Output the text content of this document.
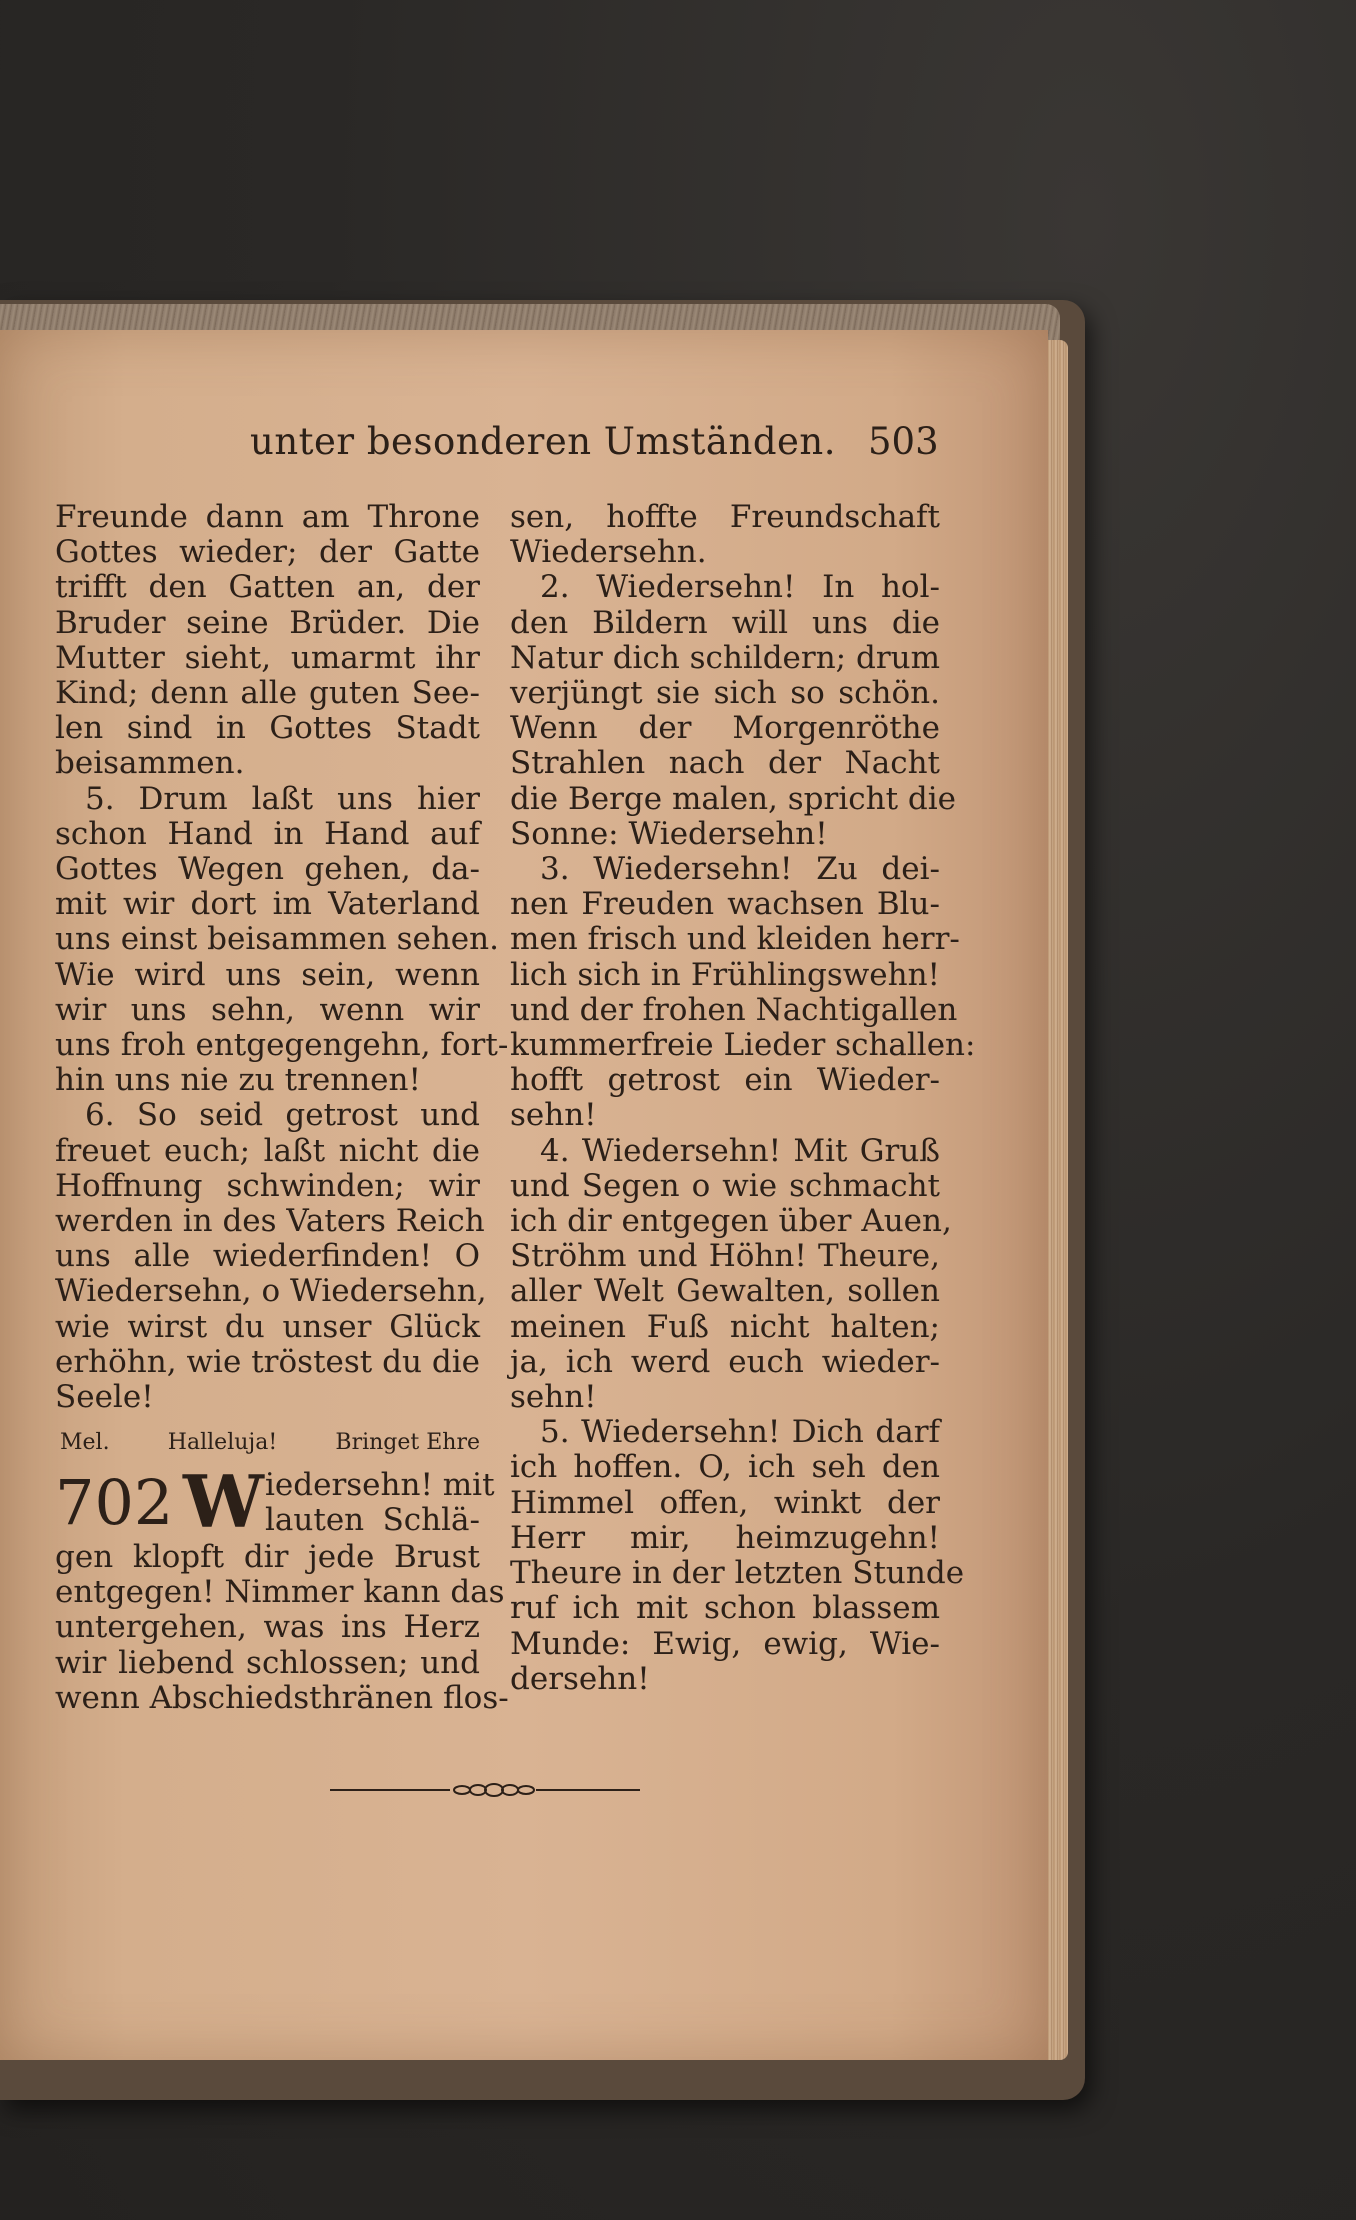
unter besonderen Umständen. 503
Freunde dann am Throne
Gottes wieder; der Gatte
trifft den Gatten an, der
Bruder seine Brüder. Die
Mutter sieht, umarmt ihr
Kind; denn alle guten See-
len sind in Gottes Stadt
beisammen.
5. Drum laßt uns hier
schon Hand in Hand auf
Gottes Wegen gehen, da-
mit wir dort im Vaterland
uns einst beisammen sehen.
Wie wird uns sein, wenn
wir uns sehn, wenn wir
uns froh entgegengehn, fort-
hin uns nie zu trennen!
6. So seid getrost und
freuet euch; laßt nicht die
Hoffnung schwinden; wir
werden in des Vaters Reich
uns alle wiederfinden! O
Wiedersehn, o Wiedersehn,
wie wirst du unser Glück
erhöhn, wie tröstest du die
Seele!
Mel.	Halleluja!	Bringet Ehre
702 W iedersehn! mit
lauten Schlä-
gen klopft dir jede Brust
entgegen! Nimmer kann das
untergehen, was ins Herz
wir liebend schlossen; und
wenn Abschiedsthränen flos-
sen, hoffte Freundschaft
Wiedersehn.
2. Wiedersehn! In hol-
den Bildern will uns die
Natur dich schildern; drum
verjüngt sie sich so schön.
Wenn der Morgenröthe
Strahlen nach der Nacht
die Berge malen, spricht die
Sonne: Wiedersehn!
3. Wiedersehn! Zu dei-
nen Freuden wachsen Blu-
men frisch und kleiden herr-
lich sich in Frühlingswehn!
und der frohen Nachtigallen
kummerfreie Lieder schallen:
hofft getrost ein Wieder-
sehn!
4. Wiedersehn! Mit Gruß
und Segen o wie schmacht
ich dir entgegen über Auen,
Ströhm und Höhn! Theure,
aller Welt Gewalten, sollen
meinen Fuß nicht halten;
ja, ich werd euch wieder-
sehn!
5. Wiedersehn! Dich darf
ich hoffen. O, ich seh den
Himmel offen, winkt der
Herr mir, heimzugehn!
Theure in der letzten Stunde
ruf ich mit schon blassem
Munde: Ewig, ewig, Wie-
dersehn!
